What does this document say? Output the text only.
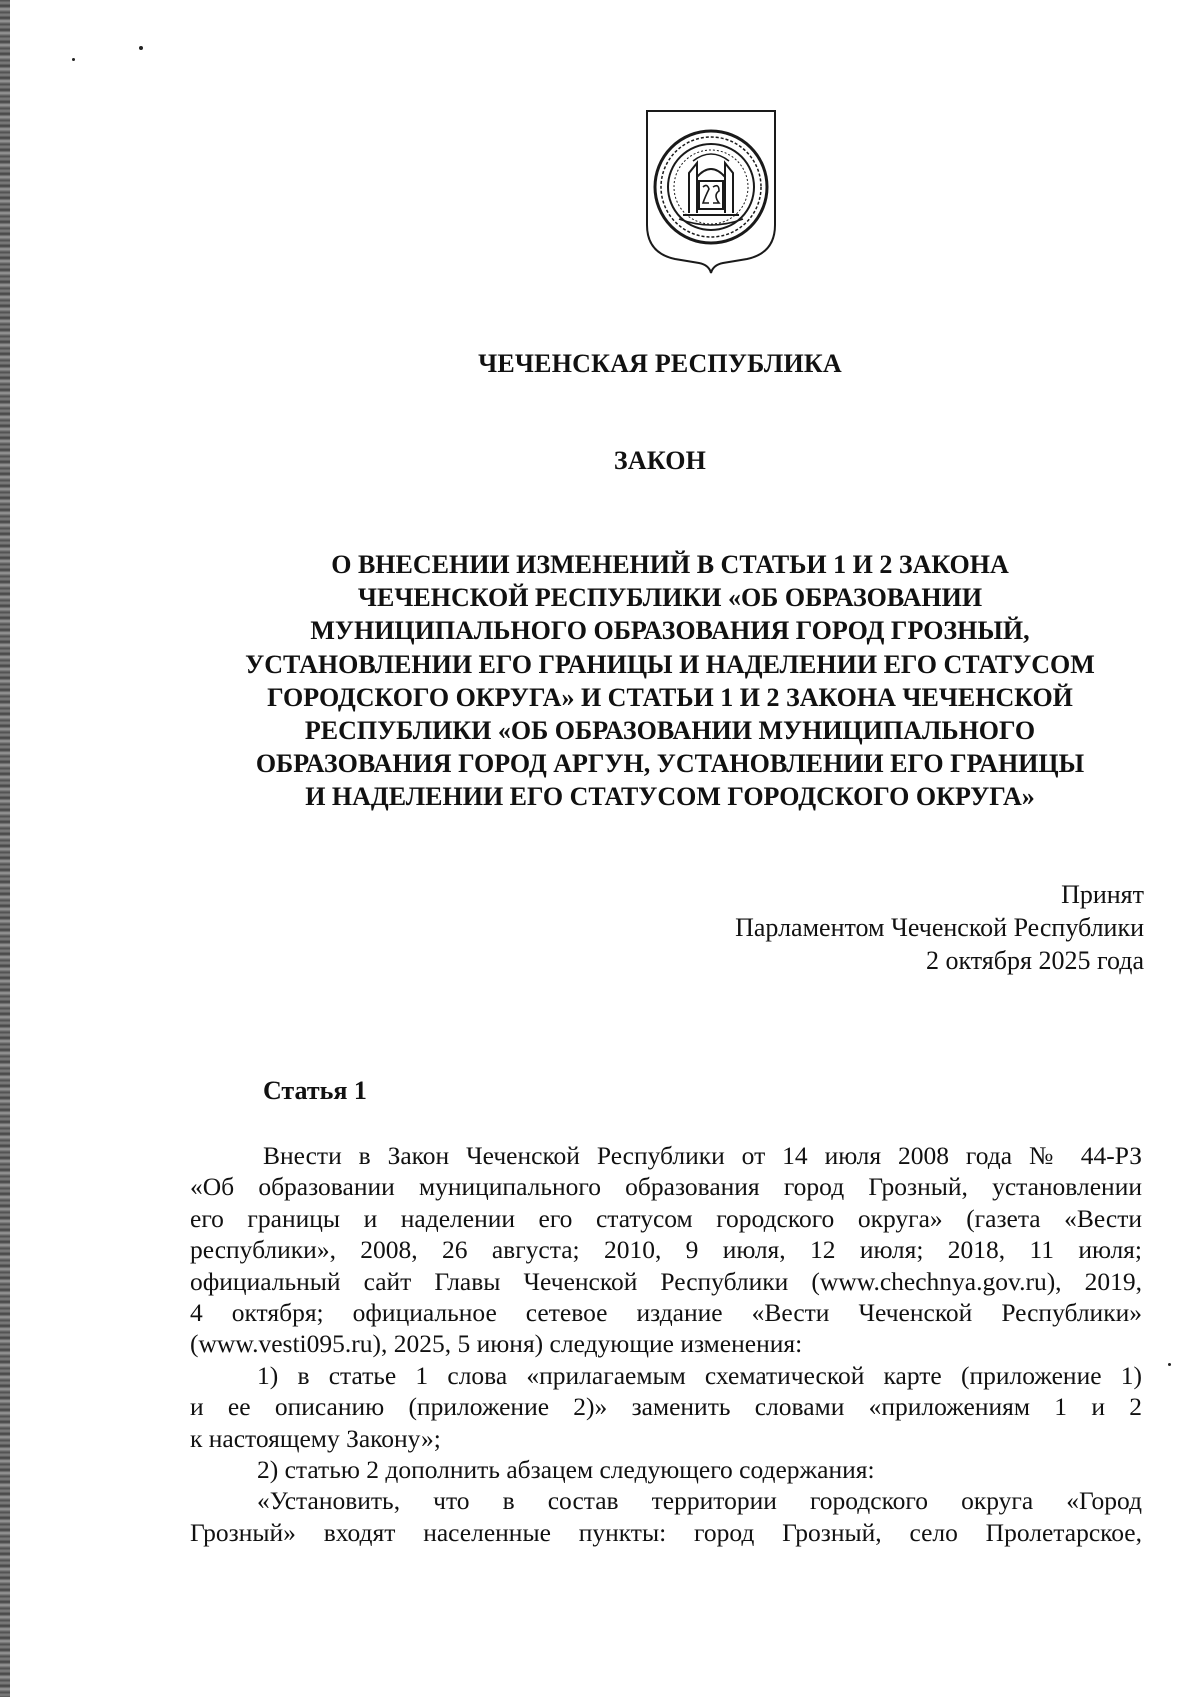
ЧЕЧЕНСКАЯ РЕСПУБЛИКА
ЗАКОН
О ВНЕСЕНИИ ИЗМЕНЕНИЙ В СТАТЬИ 1 И 2 ЗАКОНА
ЧЕЧЕНСКОЙ РЕСПУБЛИКИ «ОБ ОБРАЗОВАНИИ
МУНИЦИПАЛЬНОГО ОБРАЗОВАНИЯ ГОРОД ГРОЗНЫЙ,
УСТАНОВЛЕНИИ ЕГО ГРАНИЦЫ И НАДЕЛЕНИИ ЕГО СТАТУСОМ
ГОРОДСКОГО ОКРУГА» И СТАТЬИ 1 И 2 ЗАКОНА ЧЕЧЕНСКОЙ
РЕСПУБЛИКИ «ОБ ОБРАЗОВАНИИ МУНИЦИПАЛЬНОГО
ОБРАЗОВАНИЯ ГОРОД АРГУН, УСТАНОВЛЕНИИ ЕГО ГРАНИЦЫ
И НАДЕЛЕНИИ ЕГО СТАТУСОМ ГОРОДСКОГО ОКРУГА»
Принят
Парламентом Чеченской Республики
2 октября 2025 года
Статья 1

Внести в Закон Чеченской Республики от 14 июля 2008 года № 44-РЗ
«Об образовании муниципального образования город Грозный, установлении
его границы и наделении его статусом городского округа» (газета «Вести
республики», 2008, 26 августа; 2010, 9 июля, 12 июля; 2018, 11 июля;
официальный сайт Главы Чеченской Республики (www.chechnya.gov.ru), 2019,
4 октября; официальное сетевое издание «Вести Чеченской Республики»
(www.vesti095.ru), 2025, 5 июня) следующие изменения:

1) в статье 1 слова «прилагаемым схематической карте (приложение 1)
и ее описанию (приложение 2)» заменить словами «приложениям 1 и 2
к настоящему Закону»;

2) статью 2 дополнить абзацем следующего содержания:

«Установить, что в состав территории городского округа «Город
Грозный» входят населенные пункты: город Грозный, село Пролетарское,
